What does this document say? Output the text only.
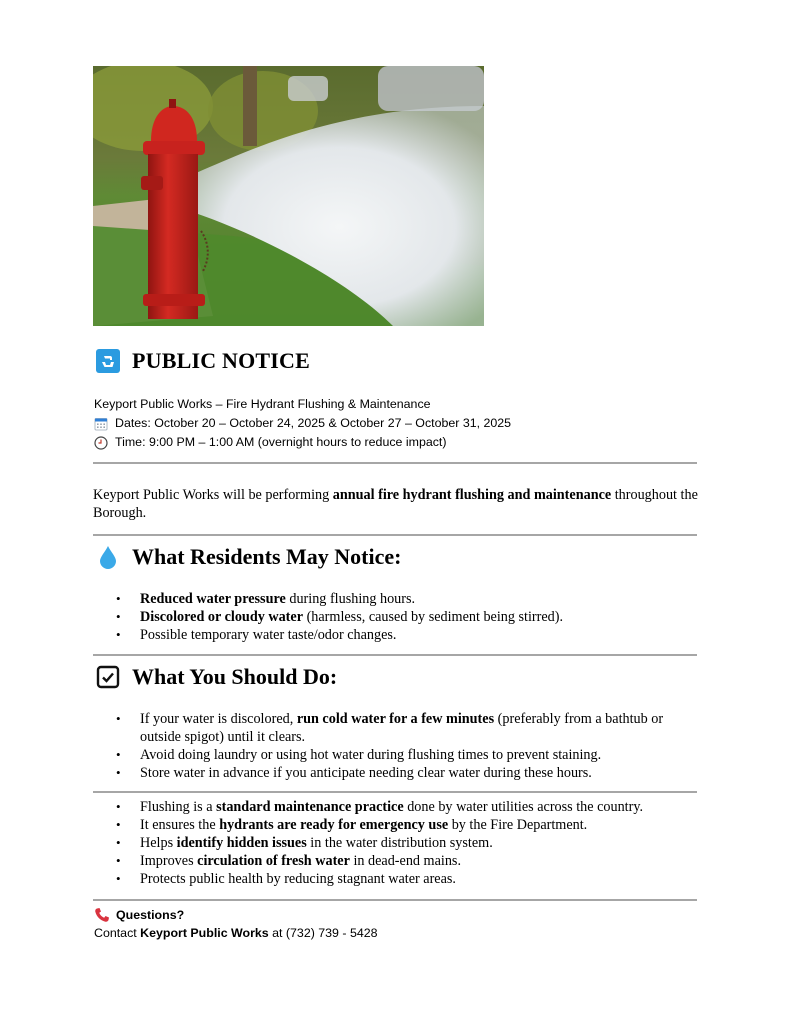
PUBLIC NOTICE
Keyport Public Works – Fire Hydrant Flushing & Maintenance
Dates: October 20 – October 24, 2025 & October 27 – October 31, 2025
Time: 9:00 PM – 1:00 AM (overnight hours to reduce impact)
Keyport Public Works will be performing annual fire hydrant flushing and maintenance throughout the Borough.
What Residents May Notice:
• Reduced water pressure during flushing hours.
• Discolored or cloudy water (harmless, caused by sediment being stirred).
• Possible temporary water taste/odor changes.
What You Should Do:
• If your water is discolored, run cold water for a few minutes (preferably from a bathtub or outside spigot) until it clears.
• Avoid doing laundry or using hot water during flushing times to prevent staining.
• Store water in advance if you anticipate needing clear water during these hours.
• Flushing is a standard maintenance practice done by water utilities across the country.
• It ensures the hydrants are ready for emergency use by the Fire Department.
• Helps identify hidden issues in the water distribution system.
• Improves circulation of fresh water in dead-end mains.
• Protects public health by reducing stagnant water areas.
Questions?
Contact Keyport Public Works at (732) 739 - 5428
